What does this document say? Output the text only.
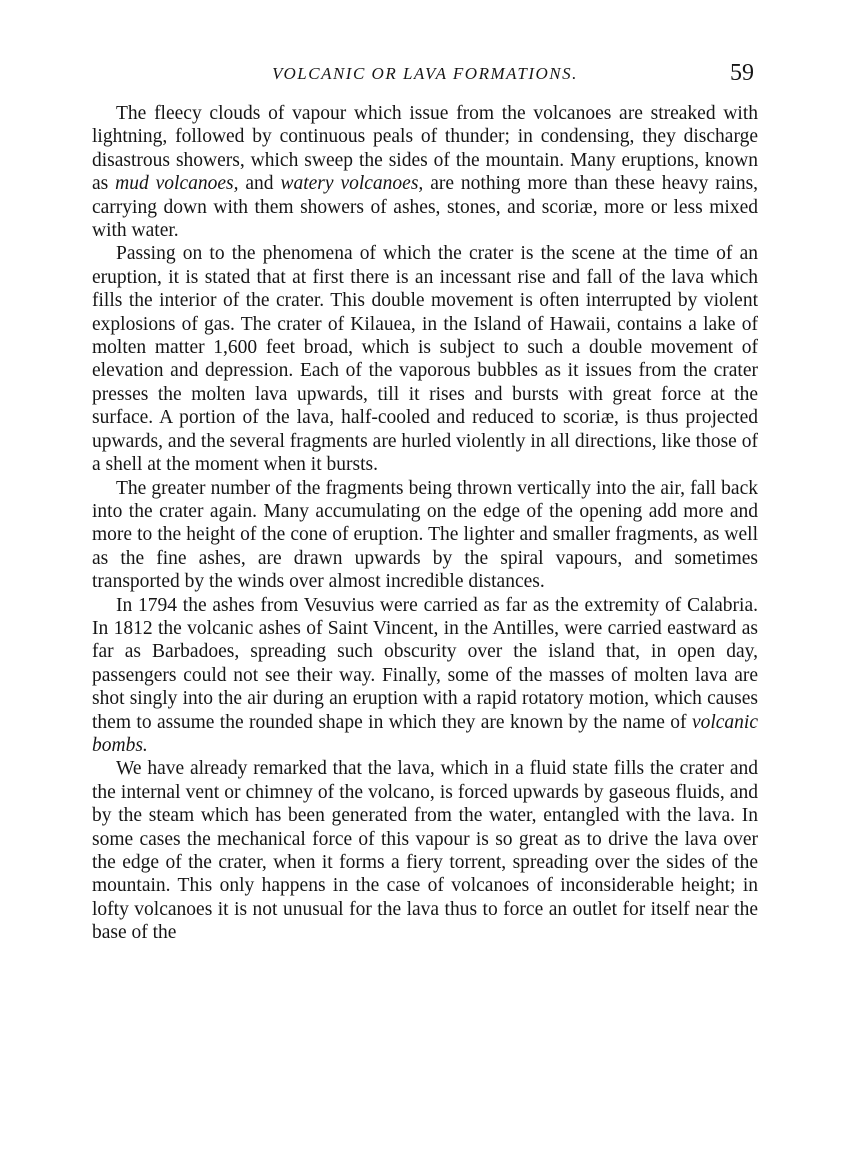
VOLCANIC OR LAVA FORMATIONS.	59

The fleecy clouds of vapour which issue from the volcanoes are streaked with lightning, followed by continuous peals of thunder; in condensing, they discharge disastrous showers, which sweep the sides of the mountain. Many eruptions, known as mud volcanoes, and watery volcanoes, are nothing more than these heavy rains, carrying down with them showers of ashes, stones, and scoriæ, more or less mixed with water.

Passing on to the phenomena of which the crater is the scene at the time of an eruption, it is stated that at first there is an incessant rise and fall of the lava which fills the interior of the crater. This double movement is often interrupted by violent explosions of gas. The crater of Kilauea, in the Island of Hawaii, contains a lake of molten matter 1,600 feet broad, which is subject to such a double movement of elevation and depression. Each of the vaporous bubbles as it issues from the crater presses the molten lava upwards, till it rises and bursts with great force at the surface. A portion of the lava, half-cooled and reduced to scoriæ, is thus projected upwards, and the several fragments are hurled violently in all directions, like those of a shell at the moment when it bursts.

The greater number of the fragments being thrown vertically into the air, fall back into the crater again. Many accumulating on the edge of the opening add more and more to the height of the cone of eruption. The lighter and smaller fragments, as well as the fine ashes, are drawn upwards by the spiral vapours, and sometimes transported by the winds over almost incredible distances.

In 1794 the ashes from Vesuvius were carried as far as the extremity of Calabria. In 1812 the volcanic ashes of Saint Vincent, in the Antilles, were carried eastward as far as Barbadoes, spreading such obscurity over the island that, in open day, passengers could not see their way. Finally, some of the masses of molten lava are shot singly into the air during an eruption with a rapid rotatory motion, which causes them to assume the rounded shape in which they are known by the name of volcanic bombs.

We have already remarked that the lava, which in a fluid state fills the crater and the internal vent or chimney of the volcano, is forced upwards by gaseous fluids, and by the steam which has been generated from the water, entangled with the lava. In some cases the mechanical force of this vapour is so great as to drive the lava over the edge of the crater, when it forms a fiery torrent, spreading over the sides of the mountain. This only happens in the case of volcanoes of inconsiderable height; in lofty volcanoes it is not unusual for the lava thus to force an outlet for itself near the base of the
